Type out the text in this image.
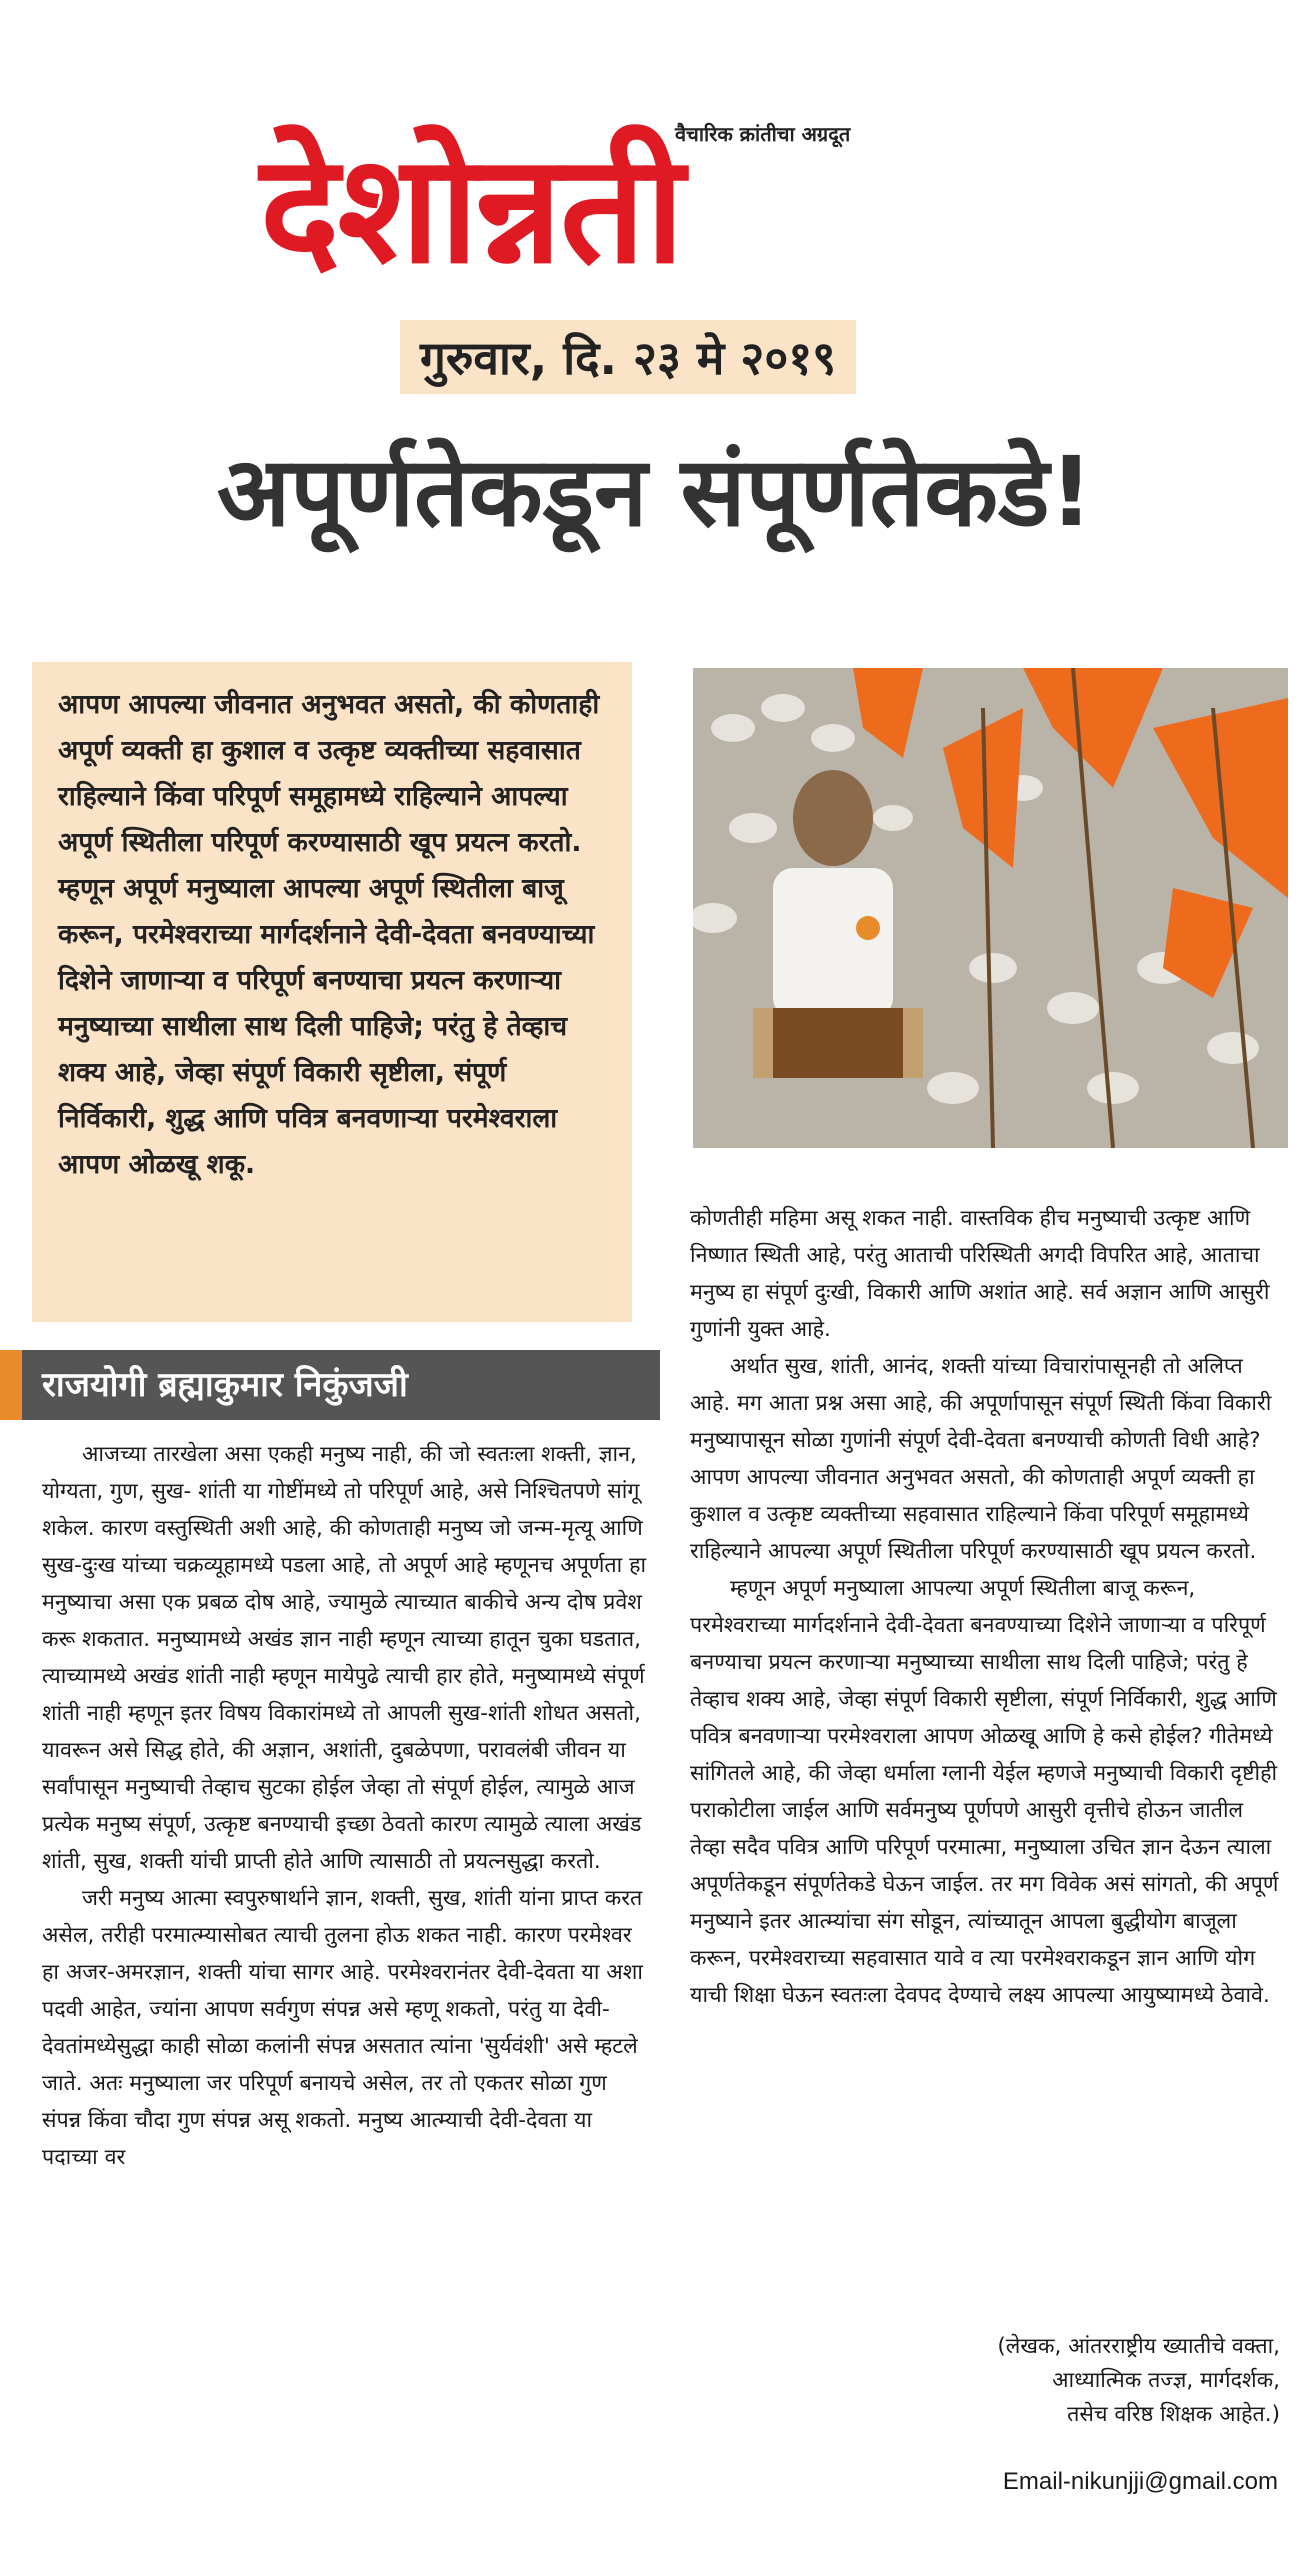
वैचारिक क्रांतीचा अग्रदूत
देशोन्नती
गुरुवार, दि. २३ मे २०१९
अपूर्णतेकडून संपूर्णतेकडे!
आपण आपल्या जीवनात अनुभवत असतो, की कोणताही अपूर्ण व्यक्ती हा कुशाल व उत्कृष्ट व्यक्तीच्या सहवासात राहिल्याने किंवा परिपूर्ण समूहामध्ये राहिल्याने आपल्या अपूर्ण स्थितीला परिपूर्ण करण्यासाठी खूप प्रयत्न करतो. म्हणून अपूर्ण मनुष्याला आपल्या अपूर्ण स्थितीला बाजू करून, परमेश्वराच्या मार्गदर्शनाने देवी-देवता बनवण्याच्या दिशेने जाणाऱ्या व परिपूर्ण बनण्याचा प्रयत्न करणाऱ्या मनुष्याच्या साथीला साथ दिली पाहिजे; परंतु हे तेव्हाच शक्य आहे, जेव्हा संपूर्ण विकारी सृष्टीला, संपूर्ण निर्विकारी, शुद्ध आणि पवित्र बनवणाऱ्या परमेश्वराला आपण ओळखू शकू.
राजयोगी ब्रह्माकुमार निकुंजजी

आजच्या तारखेला असा एकही मनुष्य नाही, की जो स्वतःला शक्ती, ज्ञान, योग्यता, गुण, सुख- शांती या गोष्टींमध्ये तो परिपूर्ण आहे, असे निश्चितपणे सांगू शकेल. कारण वस्तुस्थिती अशी आहे, की कोणताही मनुष्य जो जन्म-मृत्यू आणि सुख-दुःख यांच्या चक्रव्यूहामध्ये पडला आहे, तो अपूर्ण आहे म्हणूनच अपूर्णता हा मनुष्याचा असा एक प्रबळ दोष आहे, ज्यामुळे त्याच्यात बाकीचे अन्य दोष प्रवेश करू शकतात. मनुष्यामध्ये अखंड ज्ञान नाही म्हणून त्याच्या हातून चुका घडतात, त्याच्यामध्ये अखंड शांती नाही म्हणून मायेपुढे त्याची हार होते, मनुष्यामध्ये संपूर्ण शांती नाही म्हणून इतर विषय विकारांमध्ये तो आपली सुख-शांती शोधत असतो, यावरून असे सिद्ध होते, की अज्ञान, अशांती, दुबळेपणा, परावलंबी जीवन या सर्वांपासून मनुष्याची तेव्हाच सुटका होईल जेव्हा तो संपूर्ण होईल, त्यामुळे आज प्रत्येक मनुष्य संपूर्ण, उत्कृष्ट बनण्याची इच्छा ठेवतो कारण त्यामुळे त्याला अखंड शांती, सुख, शक्ती यांची प्राप्ती होते आणि त्यासाठी तो प्रयत्नसुद्धा करतो.

जरी मनुष्य आत्मा स्वपुरुषार्थाने ज्ञान, शक्ती, सुख, शांती यांना प्राप्त करत असेल, तरीही परमात्म्यासोबत त्याची तुलना होऊ शकत नाही. कारण परमेश्वर हा अजर-अमरज्ञान, शक्ती यांचा सागर आहे. परमेश्वरानंतर देवी-देवता या अशा पदवी आहेत, ज्यांना आपण सर्वगुण संपन्न असे म्हणू शकतो, परंतु या देवी-देवतांमध्येसुद्धा काही सोळा कलांनी संपन्न असतात त्यांना 'सुर्यवंशी' असे म्हटले जाते. अतः मनुष्याला जर परिपूर्ण बनायचे असेल, तर तो एकतर सोळा गुण संपन्न किंवा चौदा गुण संपन्न असू शकतो. मनुष्य आत्म्याची देवी-देवता या पदाच्या वर

कोणतीही महिमा असू शकत नाही. वास्तविक हीच मनुष्याची उत्कृष्ट आणि निष्णात स्थिती आहे, परंतु आताची परिस्थिती अगदी विपरित आहे, आताचा मनुष्य हा संपूर्ण दुःखी, विकारी आणि अशांत आहे. सर्व अज्ञान आणि आसुरी गुणांनी युक्त आहे.

अर्थात सुख, शांती, आनंद, शक्ती यांच्या विचारांपासूनही तो अलिप्त आहे. मग आता प्रश्न असा आहे, की अपूर्णापासून संपूर्ण स्थिती किंवा विकारी मनुष्यापासून सोळा गुणांनी संपूर्ण देवी-देवता बनण्याची कोणती विधी आहे? आपण आपल्या जीवनात अनुभवत असतो, की कोणताही अपूर्ण व्यक्ती हा कुशाल व उत्कृष्ट व्यक्तीच्या सहवासात राहिल्याने किंवा परिपूर्ण समूहामध्ये राहिल्याने आपल्या अपूर्ण स्थितीला परिपूर्ण करण्यासाठी खूप प्रयत्न करतो.

म्हणून अपूर्ण मनुष्याला आपल्या अपूर्ण स्थितीला बाजू करून, परमेश्वराच्या मार्गदर्शनाने देवी-देवता बनवण्याच्या दिशेने जाणाऱ्या व परिपूर्ण बनण्याचा प्रयत्न करणाऱ्या मनुष्याच्या साथीला साथ दिली पाहिजे; परंतु हे तेव्हाच शक्य आहे, जेव्हा संपूर्ण विकारी सृष्टीला, संपूर्ण निर्विकारी, शुद्ध आणि पवित्र बनवणाऱ्या परमेश्वराला आपण ओळखू आणि हे कसे होईल? गीतेमध्ये सांगितले आहे, की जेव्हा धर्माला ग्लानी येईल म्हणजे मनुष्याची विकारी दृष्टीही पराकोटीला जाईल आणि सर्वमनुष्य पूर्णपणे आसुरी वृत्तीचे होऊन जातील तेव्हा सदैव पवित्र आणि परिपूर्ण परमात्मा, मनुष्याला उचित ज्ञान देऊन त्याला अपूर्णतेकडून संपूर्णतेकडे घेऊन जाईल. तर मग विवेक असं सांगतो, की अपूर्ण मनुष्याने इतर आत्म्यांचा संग सोडून, त्यांच्यातून आपला बुद्धीयोग बाजूला करून, परमेश्वराच्या सहवासात यावे व त्या परमेश्वराकडून ज्ञान आणि योग याची शिक्षा घेऊन स्वतःला देवपद देण्याचे लक्ष्य आपल्या आयुष्यामध्ये ठेवावे.

(लेखक, आंतरराष्ट्रीय ख्यातीचे वक्ता,
आध्यात्मिक तज्ज्ञ, मार्गदर्शक,
तसेच वरिष्ठ शिक्षक आहेत.)
Email-nikunjji@gmail.com
